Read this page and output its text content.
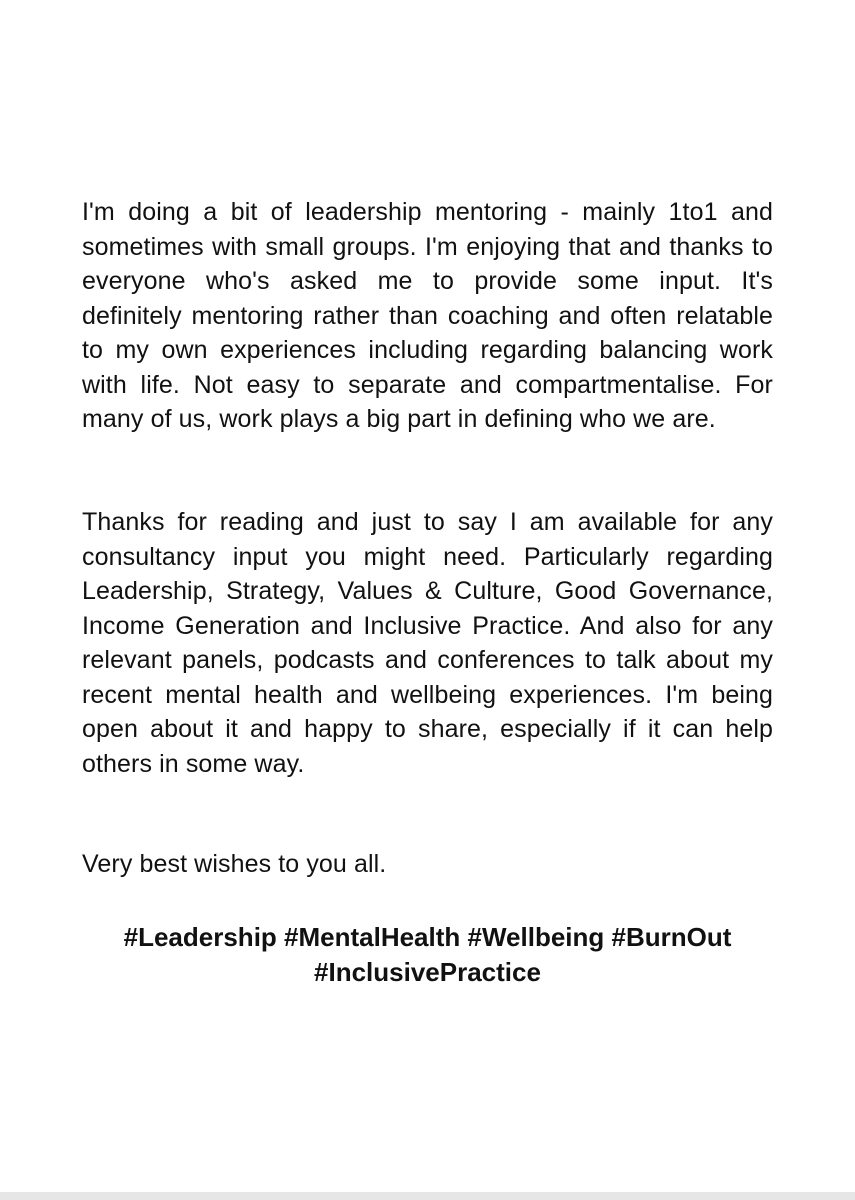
I'm doing a bit of leadership mentoring - mainly 1to1 and sometimes with small groups. I'm enjoying that and thanks to everyone who's asked me to provide some input. It's definitely mentoring rather than coaching and often relatable to my own experiences including regarding balancing work with life. Not easy to separate and compartmentalise. For many of us, work plays a big part in defining who we are.

Thanks for reading and just to say I am available for any consultancy input you might need. Particularly regarding Leadership, Strategy, Values & Culture, Good Governance, Income Generation and Inclusive Practice. And also for any relevant panels, podcasts and conferences to talk about my recent mental health and wellbeing experiences. I'm being open about it and happy to share, especially if it can help others in some way.

Very best wishes to you all.

#Leadership #MentalHealth #Wellbeing #BurnOut #InclusivePractice
